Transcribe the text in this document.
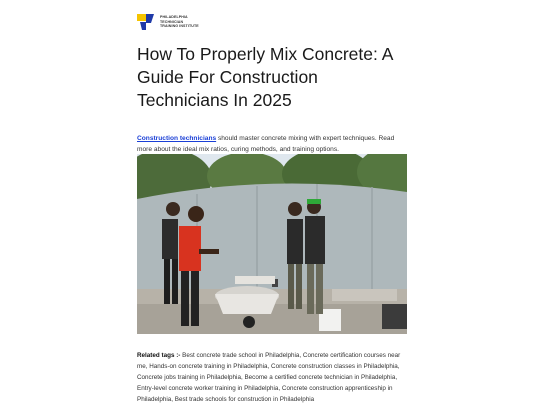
PHILADELPHIA
TECHNICIAN
TRAINING INSTITUTE
How To Properly Mix Concrete: A Guide For Construction Technicians In 2025

Construction technicians should master concrete mixing with expert techniques. Read more about the ideal mix ratios, curing methods, and training options.

Related tags :- Best concrete trade school in Philadelphia, Concrete certification courses near me, Hands-on concrete training in Philadelphia, Concrete construction classes in Philadelphia, Concrete jobs training in Philadelphia, Become a certified concrete technician in Philadelphia, Entry-level concrete worker training in Philadelphia, Concrete construction apprenticeship in Philadelphia, Best trade schools for construction in Philadelphia
